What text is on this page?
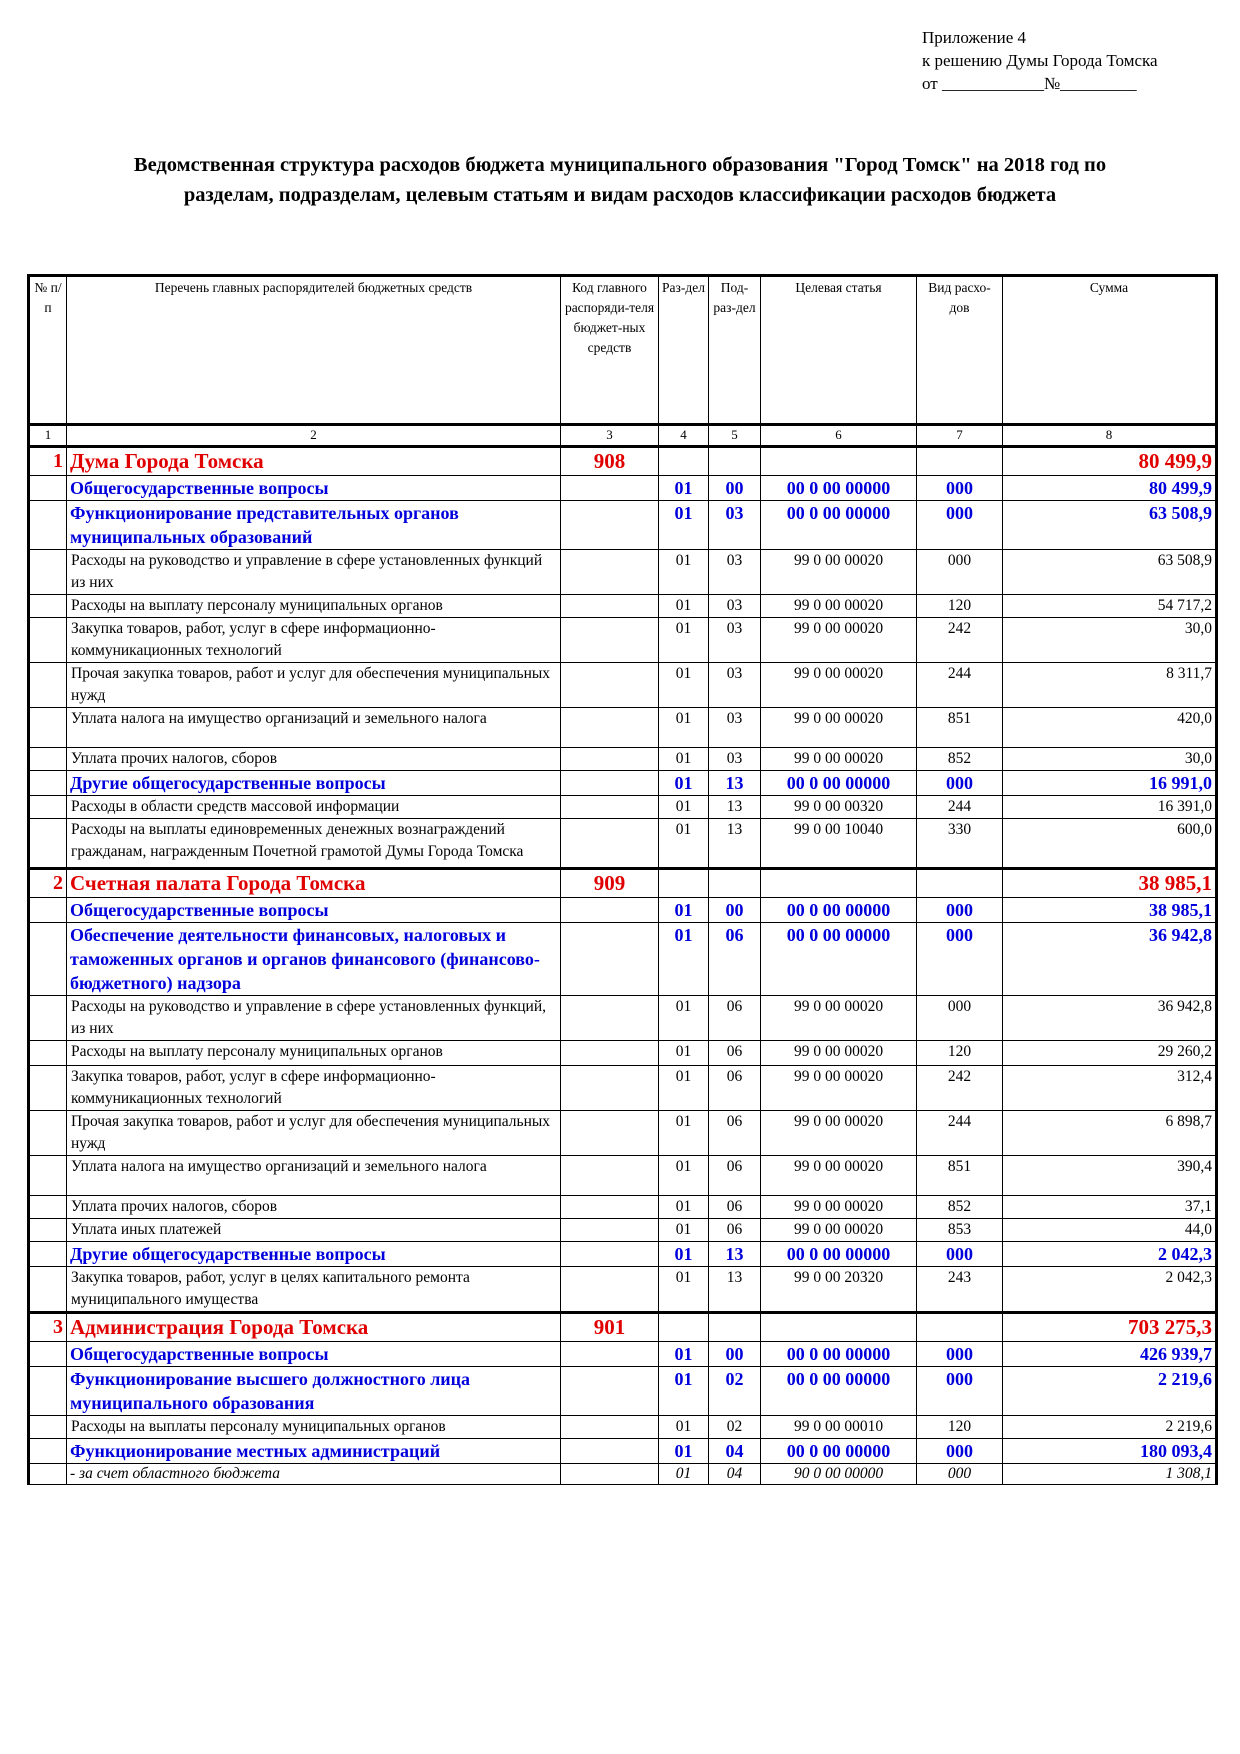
Приложение 4
к решению Думы Города Томска
от ____________№_________
Ведомственная структура расходов бюджета муниципального образования "Город Томск" на 2018 год по
разделам, подразделам, целевым статьям и видам расходов классификации расходов бюджета
№ п/п	Перечень главных распорядителей бюджетных средств	Код главного распоряди-теля бюджет-ных средств	Раз-дел	Под-раз-дел	Целевая статья	Вид расхо-дов	Сумма
1	2	3	4	5	6	7	8
1	Дума Города Томска	908					80 499,9
	Общегосударственные вопросы		01	00	00 0 00 00000	000	80 499,9
	Функционирование представительных органов муниципальных образований		01	03	00 0 00 00000	000	63 508,9
	Расходы на руководство и управление в сфере установленных функций из них		01	03	99 0 00 00020	000	63 508,9
	Расходы на выплату персоналу муниципальных органов		01	03	99 0 00 00020	120	54 717,2
	Закупка товаров, работ, услуг в сфере информационно-коммуникационных технологий		01	03	99 0 00 00020	242	30,0
	Прочая закупка товаров, работ и услуг для обеспечения муниципальных нужд		01	03	99 0 00 00020	244	8 311,7
	Уплата налога на имущество организаций и земельного налога		01	03	99 0 00 00020	851	420,0
	Уплата прочих налогов, сборов		01	03	99 0 00 00020	852	30,0
	Другие общегосударственные вопросы		01	13	00 0 00 00000	000	16 991,0
	Расходы в области средств массовой информации		01	13	99 0 00 00320	244	16 391,0
	Расходы на выплаты единовременных денежных вознаграждений гражданам, награжденным Почетной грамотой Думы Города Томска		01	13	99 0 00 10040	330	600,0
2	Счетная палата Города Томска	909					38 985,1
	Общегосударственные вопросы		01	00	00 0 00 00000	000	38 985,1
	Обеспечение деятельности финансовых, налоговых и таможенных органов и органов финансового (финансово-бюджетного) надзора		01	06	00 0 00 00000	000	36 942,8
	Расходы на руководство и управление в сфере установленных функций, из них		01	06	99 0 00 00020	000	36 942,8
	Расходы на выплату персоналу муниципальных органов		01	06	99 0 00 00020	120	29 260,2
	Закупка товаров, работ, услуг в сфере информационно-коммуникационных технологий		01	06	99 0 00 00020	242	312,4
	Прочая закупка товаров, работ и услуг для обеспечения муниципальных нужд		01	06	99 0 00 00020	244	6 898,7
	Уплата налога на имущество организаций и земельного налога		01	06	99 0 00 00020	851	390,4
	Уплата прочих налогов, сборов		01	06	99 0 00 00020	852	37,1
	Уплата иных платежей		01	06	99 0 00 00020	853	44,0
	Другие общегосударственные вопросы		01	13	00 0 00 00000	000	2 042,3
	Закупка товаров, работ, услуг в целях капитального ремонта муниципального имущества		01	13	99 0 00 20320	243	2 042,3
3	Администрация Города Томска	901					703 275,3
	Общегосударственные вопросы		01	00	00 0 00 00000	000	426 939,7
	Функционирование высшего должностного лица муниципального образования		01	02	00 0 00 00000	000	2 219,6
	Расходы на выплаты персоналу муниципальных органов		01	02	99 0 00 00010	120	2 219,6
	Функционирование местных администраций		01	04	00 0 00 00000	000	180 093,4
	- за счет областного бюджета		01	04	90 0 00 00000	000	1 308,1
